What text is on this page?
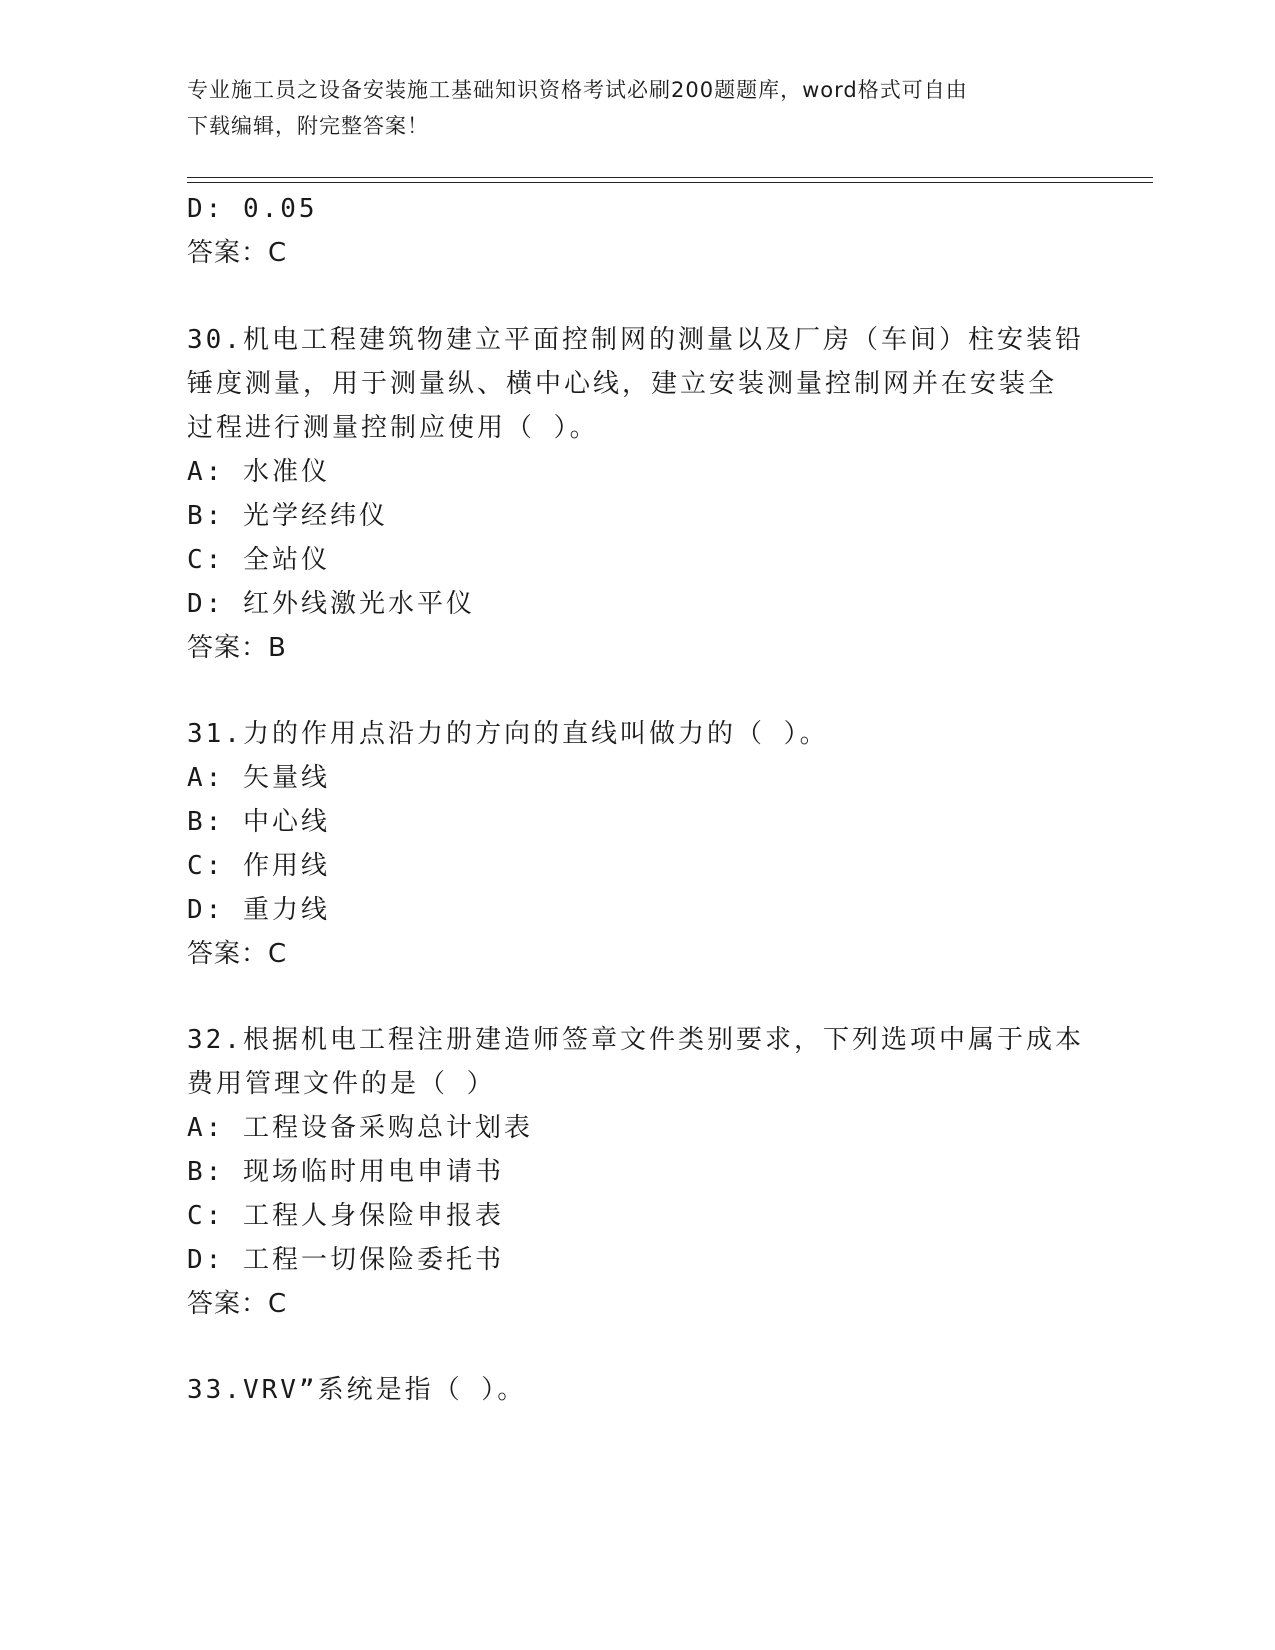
专业施工员之设备安装施工基础知识资格考试必刷200题题库，word格式可自由
下载编辑，附完整答案！
D: 0.05
答案：C
30.机电工程建筑物建立平面控制网的测量以及厂房（车间）柱安装铅
锤度测量，用于测量纵、横中心线，建立安装测量控制网并在安装全
过程进行测量控制应使用（ ）。
A: 水准仪
B: 光学经纬仪
C: 全站仪
D: 红外线激光水平仪
答案：B
31.力的作用点沿力的方向的直线叫做力的（ ）。
A: 矢量线
B: 中心线
C: 作用线
D: 重力线
答案：C
32.根据机电工程注册建造师签章文件类别要求，下列选项中属于成本
费用管理文件的是（ ）
A: 工程设备采购总计划表
B: 现场临时用电申请书
C: 工程人身保险申报表
D: 工程一切保险委托书
答案：C
33.VRV”系统是指（ ）。
